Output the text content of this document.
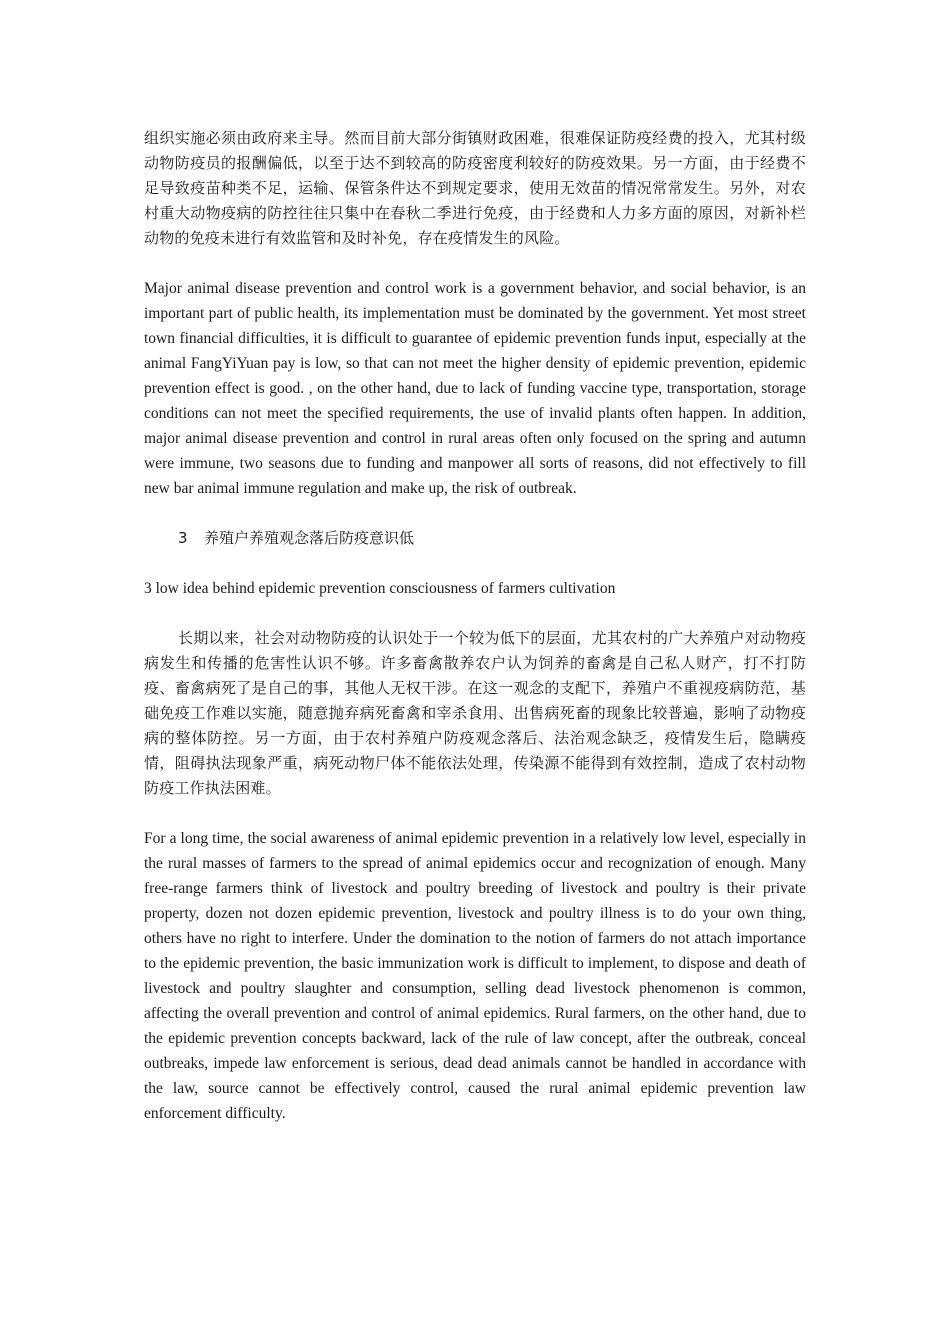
组织实施必须由政府来主导。然而目前大部分街镇财政困难，很难保证防疫经费的投入，尤其村级动物防疫员的报酬偏低，以至于达不到较高的防疫密度利较好的防疫效果。另一方面，由于经费不足导致疫苗种类不足，运输、保管条件达不到规定要求，使用无效苗的情况常常发生。另外，对农村重大动物疫病的防控往往只集中在春秋二季进行免疫，由于经费和人力多方面的原因，对新补栏动物的免疫未进行有效监管和及时补免，存在疫情发生的风险。

Major animal disease prevention and control work is a government behavior, and social behavior, is an important part of public health, its implementation must be dominated by the government. Yet most street town financial difficulties, it is difficult to guarantee of epidemic prevention funds input, especially at the animal FangYiYuan pay is low, so that can not meet the higher density of epidemic prevention, epidemic prevention effect is good. , on the other hand, due to lack of funding vaccine type, transportation, storage conditions can not meet the specified requirements, the use of invalid plants often happen. In addition, major animal disease prevention and control in rural areas often only focused on the spring and autumn were immune, two seasons due to funding and manpower all sorts of reasons, did not effectively to fill new bar animal immune regulation and make up, the risk of outbreak.

3 养殖户养殖观念落后防疫意识低

3 low idea behind epidemic prevention consciousness of farmers cultivation

长期以来，社会对动物防疫的认识处于一个较为低下的层面，尤其农村的广大养殖户对动物疫病发生和传播的危害性认识不够。许多畜禽散养农户认为饲养的畜禽是自己私人财产，打不打防疫、畜禽病死了是自己的事，其他人无权干涉。在这一观念的支配下，养殖户不重视疫病防范，基础免疫工作难以实施，随意抛弃病死畜禽和宰杀食用、出售病死畜的现象比较普遍，影响了动物疫病的整体防控。另一方面，由于农村养殖户防疫观念落后、法治观念缺乏，疫情发生后，隐瞒疫情，阻碍执法现象严重，病死动物尸体不能依法处理，传染源不能得到有效控制，造成了农村动物防疫工作执法困难。

For a long time, the social awareness of animal epidemic prevention in a relatively low level, especially in the rural masses of farmers to the spread of animal epidemics occur and recognization of enough. Many free-range farmers think of livestock and poultry breeding of livestock and poultry is their private property, dozen not dozen epidemic prevention, livestock and poultry illness is to do your own thing, others have no right to interfere. Under the domination to the notion of farmers do not attach importance to the epidemic prevention, the basic immunization work is difficult to implement, to dispose and death of livestock and poultry slaughter and consumption, selling dead livestock phenomenon is common, affecting the overall prevention and control of animal epidemics. Rural farmers, on the other hand, due to the epidemic prevention concepts backward, lack of the rule of law concept, after the outbreak, conceal outbreaks, impede law enforcement is serious, dead dead animals cannot be handled in accordance with the law, source cannot be effectively control, caused the rural animal epidemic prevention law enforcement difficulty.
